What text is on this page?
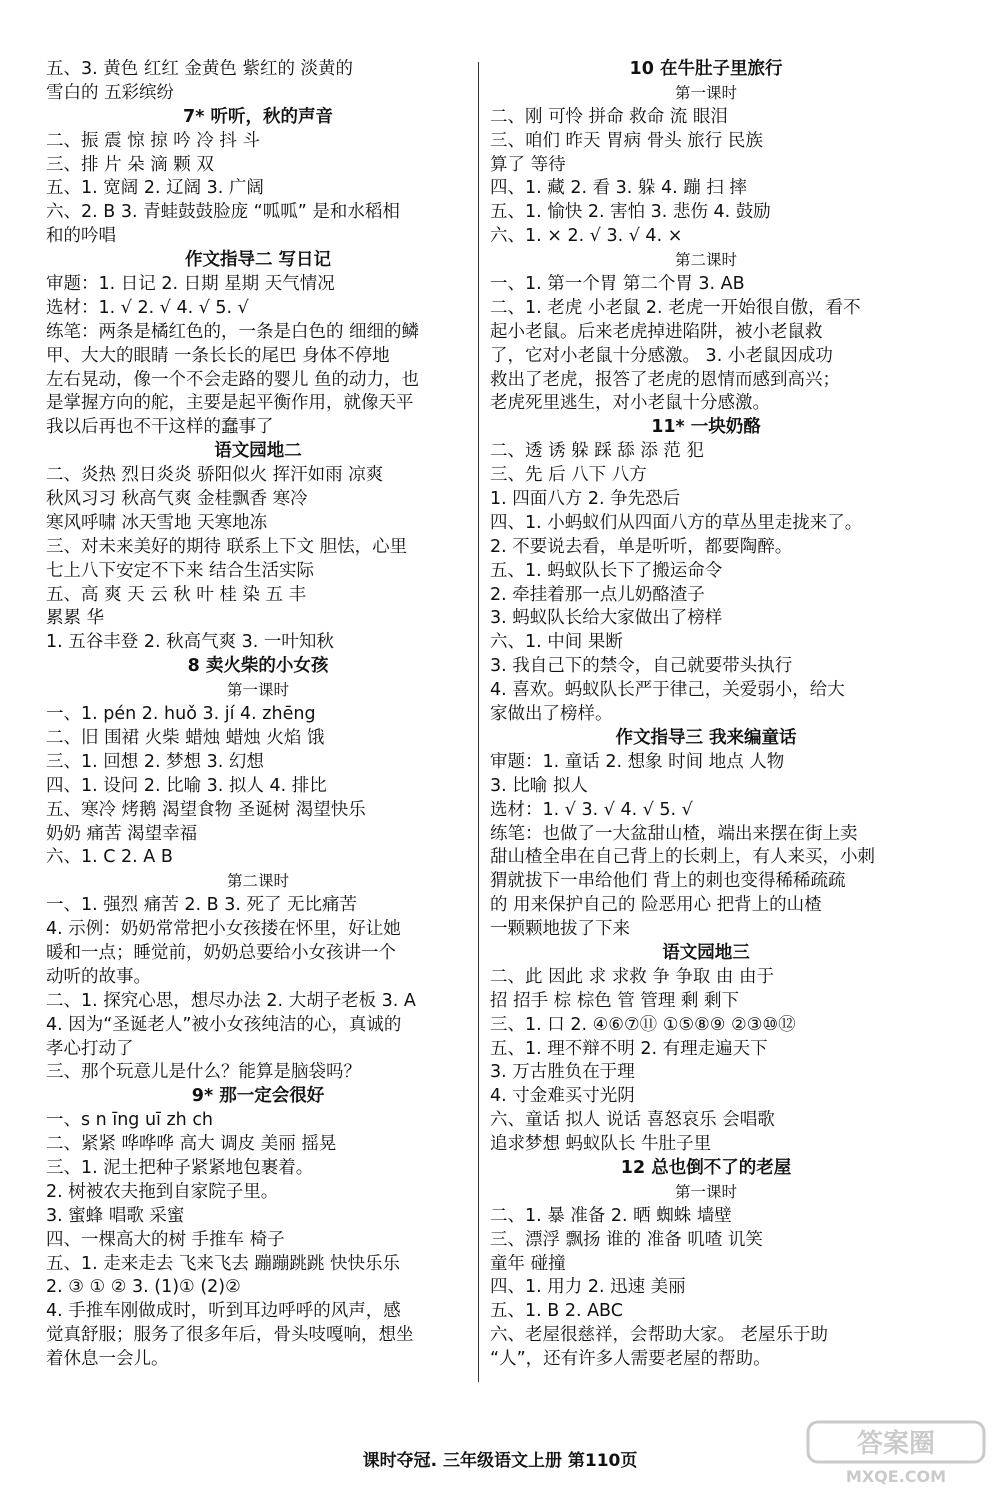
五、3. 黄色 红红 金黄色 紫红的 淡黄的
雪白的 五彩缤纷
7* 听听，秋的声音
二、振 震 惊 掠 吟 冷 抖 斗
三、排 片 朵 滴 颗 双
五、1. 宽阔 2. 辽阔 3. 广阔
六、2. B 3. 青蛙鼓鼓脸庞 “呱呱” 是和水稻相
和的吟唱
作文指导二 写日记
审题：1. 日记 2. 日期 星期 天气情况
选材：1. √ 2. √ 4. √ 5. √
练笔：两条是橘红色的，一条是白色的 细细的鳞
甲、大大的眼睛 一条长长的尾巴 身体不停地
左右晃动，像一个不会走路的婴儿 鱼的动力，也
是掌握方向的舵，主要是起平衡作用，就像天平
我以后再也不干这样的蠢事了
语文园地二
二、炎热 烈日炎炎 骄阳似火 挥汗如雨 凉爽
秋风习习 秋高气爽 金桂飘香 寒冷
寒风呼啸 冰天雪地 天寒地冻
三、对未来美好的期待 联系上下文 胆怯，心里
七上八下安定不下来 结合生活实际
五、高 爽 天 云 秋 叶 桂 染 五 丰
累累 华
1. 五谷丰登 2. 秋高气爽 3. 一叶知秋
8 卖火柴的小女孩
第一课时
一、1. pén 2. huǒ 3. jí 4. zhēng
二、旧 围裙 火柴 蜡烛 蜡烛 火焰 饿
三、1. 回想 2. 梦想 3. 幻想
四、1. 设问 2. 比喻 3. 拟人 4. 排比
五、寒冷 烤鹅 渴望食物 圣诞树 渴望快乐
奶奶 痛苦 渴望幸福
六、1. C 2. A B
第二课时
一、1. 强烈 痛苦 2. B 3. 死了 无比痛苦
4. 示例：奶奶常常把小女孩搂在怀里，好让她
暖和一点；睡觉前，奶奶总要给小女孩讲一个
动听的故事。
二、1. 探究心思，想尽办法 2. 大胡子老板 3. A
4. 因为“圣诞老人”被小女孩纯洁的心，真诚的
孝心打动了
三、那个玩意儿是什么？能算是脑袋吗？
9* 那一定会很好
一、s n īng uī zh ch
二、紧紧 哗哗哗 高大 调皮 美丽 摇晃
三、1. 泥土把种子紧紧地包裹着。
2. 树被农夫拖到自家院子里。
3. 蜜蜂 唱歌 采蜜
四、一棵高大的树 手推车 椅子
五、1. 走来走去 飞来飞去 蹦蹦跳跳 快快乐乐
2. ③ ① ② 3. (1)① (2)②
4. 手推车刚做成时，听到耳边呼呼的风声，感
觉真舒服；服务了很多年后，骨头吱嘎响，想坐
着休息一会儿。
10 在牛肚子里旅行
第一课时
二、刚 可怜 拼命 救命 流 眼泪
三、咱们 昨天 胃病 骨头 旅行 民族
算了 等待
四、1. 藏 2. 看 3. 躲 4. 蹦 扫 摔
五、1. 愉快 2. 害怕 3. 悲伤 4. 鼓励
六、1. × 2. √ 3. √ 4. ×
第二课时
一、1. 第一个胃 第二个胃 3. AB
二、1. 老虎 小老鼠 2. 老虎一开始很自傲，看不
起小老鼠。后来老虎掉进陷阱，被小老鼠救
了，它对小老鼠十分感激。 3. 小老鼠因成功
救出了老虎，报答了老虎的恩情而感到高兴；
老虎死里逃生，对小老鼠十分感激。
11* 一块奶酪
二、透 诱 躲 踩 舔 添 范 犯
三、先 后 八下 八方
1. 四面八方 2. 争先恐后
四、1. 小蚂蚁们从四面八方的草丛里走拢来了。
2. 不要说去看，单是听听，都要陶醉。
五、1. 蚂蚁队长下了搬运命令
2. 牵挂着那一点儿奶酪渣子
3. 蚂蚁队长给大家做出了榜样
六、1. 中间 果断
3. 我自己下的禁令，自己就要带头执行
4. 喜欢。蚂蚁队长严于律己，关爱弱小，给大
家做出了榜样。
作文指导三 我来编童话
审题：1. 童话 2. 想象 时间 地点 人物
3. 比喻 拟人
选材：1. √ 3. √ 4. √ 5. √
练笔：也做了一大盆甜山楂，端出来摆在街上卖
甜山楂全串在自己背上的长刺上，有人来买，小刺
猬就拔下一串给他们 背上的刺也变得稀稀疏疏
的 用来保护自己的 险恶用心 把背上的山楂
一颗颗地拔了下来
语文园地三
二、此 因此 求 求救 争 争取 由 由于
招 招手 棕 棕色 管 管理 剩 剩下
三、1. 口 2. ④⑥⑦⑪ ①⑤⑧⑨ ②③⑩⑫
五、1. 理不辩不明 2. 有理走遍天下
3. 万古胜负在于理
4. 寸金难买寸光阴
六、童话 拟人 说话 喜怒哀乐 会唱歌
追求梦想 蚂蚁队长 牛肚子里
12 总也倒不了的老屋
第一课时
二、1. 暴 准备 2. 晒 蜘蛛 墙壁
三、漂浮 飘扬 谁的 准备 叽喳 讥笑
童年 碰撞
四、1. 用力 2. 迅速 美丽
五、1. B 2. ABC
六、老屋很慈祥，会帮助大家。 老屋乐于助
“人”，还有许多人需要老屋的帮助。
课时夺冠. 三年级语文上册 第110页
答案圈
MXQE.COM
